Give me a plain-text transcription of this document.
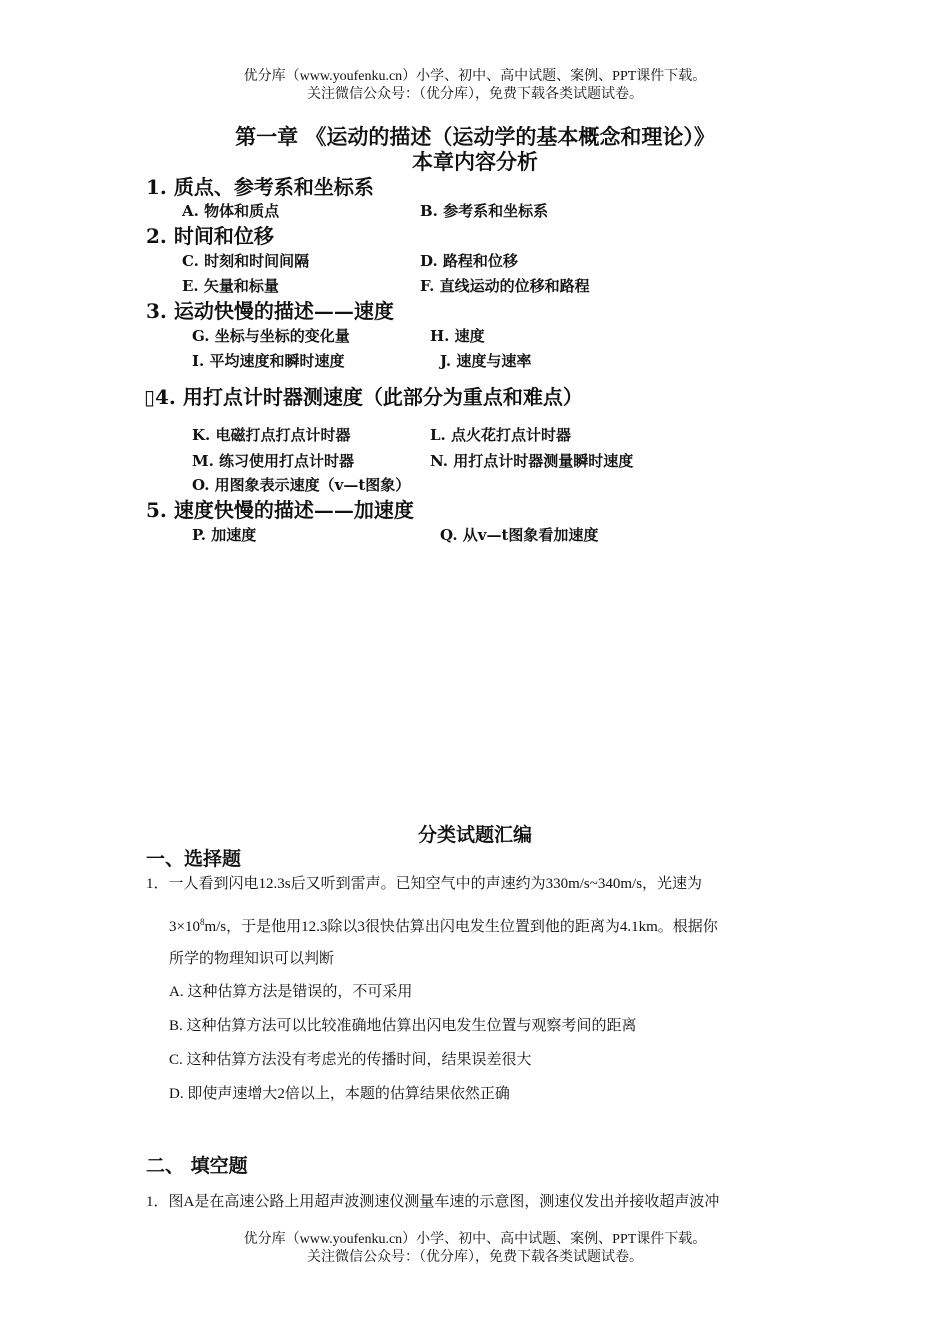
优分库（www.youfenku.cn）小学、初中、高中试题、案例、PPT课件下载。
关注微信公众号：（优分库），免费下载各类试题试卷。
第一章 《运动的描述（运动学的基本概念和理论）》
本章内容分析
1. 质点、参考系和坐标系
A. 物体和质点	B. 参考系和坐标系
2. 时间和位移
C. 时刻和时间间隔	D. 路程和位移
E. 矢量和标量	F. 直线运动的位移和路程
3. 运动快慢的描述——速度
G. 坐标与坐标的变化量	H. 速度
I. 平均速度和瞬时速度	J. 速度与速率
▯4. 用打点计时器测速度（此部分为重点和难点）
K. 电磁打点打点计时器	L. 点火花打点计时器
M. 练习使用打点计时器	N. 用打点计时器测量瞬时速度
O. 用图象表示速度（v—t图象）
5. 速度快慢的描述——加速度
P. 加速度	Q. 从v—t图象看加速度
分类试题汇编
一、选择题
1．一人看到闪电12.3s后又听到雷声。已知空气中的声速约为330m/s~340m/s，光速为
$3\times 10^8m/s$，于是他用12.3除以3很快估算出闪电发生位置到他的距离为4.1km。根据你
所学的物理知识可以判断
A. 这种估算方法是错误的，不可采用
B. 这种估算方法可以比较准确地估算出闪电发生位置与观察考间的距离
C. 这种估算方法没有考虑光的传播时间，结果误差很大
D. 即使声速增大2倍以上，本题的估算结果依然正确
二、 填空题
1．图A是在高速公路上用超声波测速仪测量车速的示意图，测速仪发出并接收超声波冲
优分库（www.youfenku.cn）小学、初中、高中试题、案例、PPT课件下载。
关注微信公众号：（优分库），免费下载各类试题试卷。
